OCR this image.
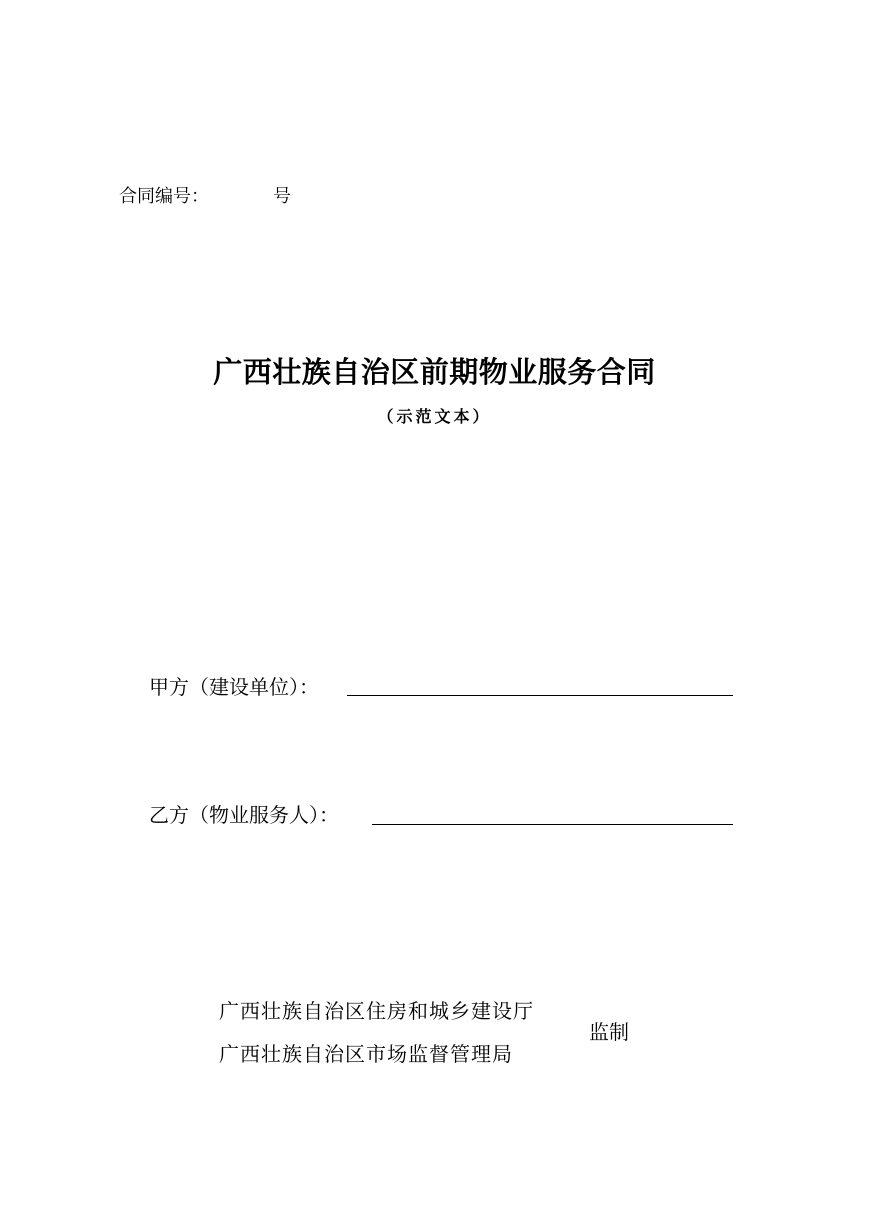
合同编号：	号
广西壮族自治区前期物业服务合同
（示范文本）
甲方（建设单位）：
乙方（物业服务人）：
广西壮族自治区住房和城乡建设厅
广西壮族自治区市场监督管理局
监制
